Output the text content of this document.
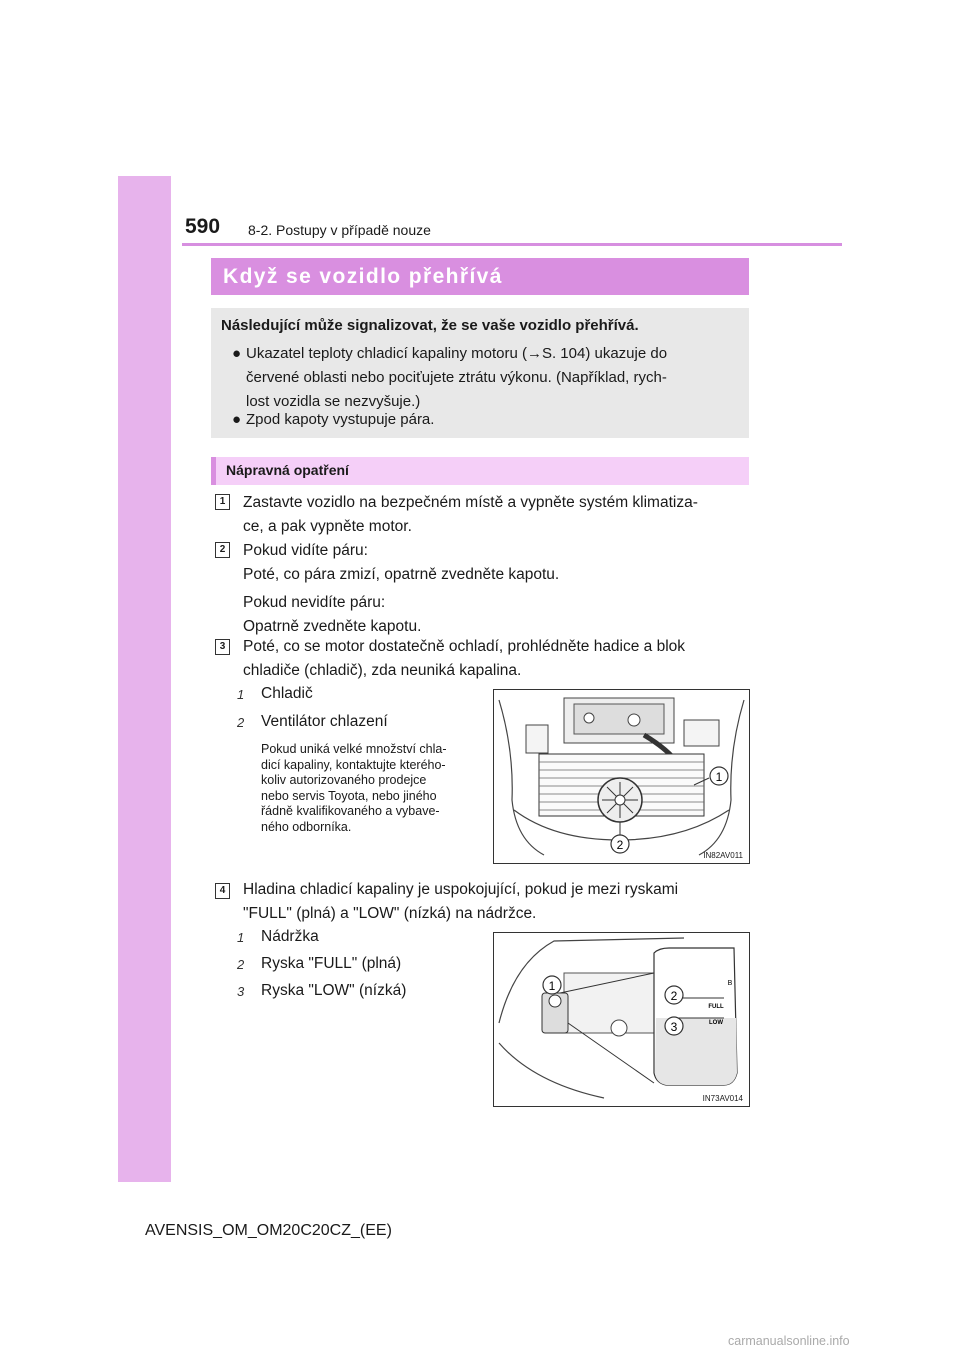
590 8-2. Postupy v případě nouze
Když se vozidlo přehřívá
Následující může signalizovat, že se vaše vozidlo přehřívá.
● Ukazatel teploty chladicí kapaliny motoru (→S. 104) ukazuje do
červené oblasti nebo pociťujete ztrátu výkonu. (Například, rych-
lost vozidla se nezvyšuje.)
● Zpod kapoty vystupuje pára.
Nápravná opatření
1	Zastavte vozidlo na bezpečném místě a vypněte systém klimatiza-
ce, a pak vypněte motor.
2	Pokud vidíte páru:
Poté, co pára zmizí, opatrně zvedněte kapotu.
Pokud nevidíte páru:
Opatrně zvedněte kapotu.
3	Poté, co se motor dostatečně ochladí, prohlédněte hadice a blok
chladiče (chladič), zda neuniká kapalina.
1 Chladič
2 Ventilátor chlazení
Pokud uniká velké množství chla-
dicí kapaliny, kontaktujte kterého-
koliv autorizovaného prodejce
nebo servis Toyota, nebo jiného
řádně kvalifikovaného a vybave-
ného odborníka.
1
2
IN82AV011
4	Hladina chladicí kapaliny je uspokojující, pokud je mezi ryskami
"FULL" (plná) a "LOW" (nízká) na nádržce.
1 Nádržka
2 Ryska "FULL" (plná)
3 Ryska "LOW" (nízká)	1	B
FULL
LOW
2
3
IN73AV014
AVENSIS_OM_OM20C20CZ_(EE)
carmanualsonline.info
